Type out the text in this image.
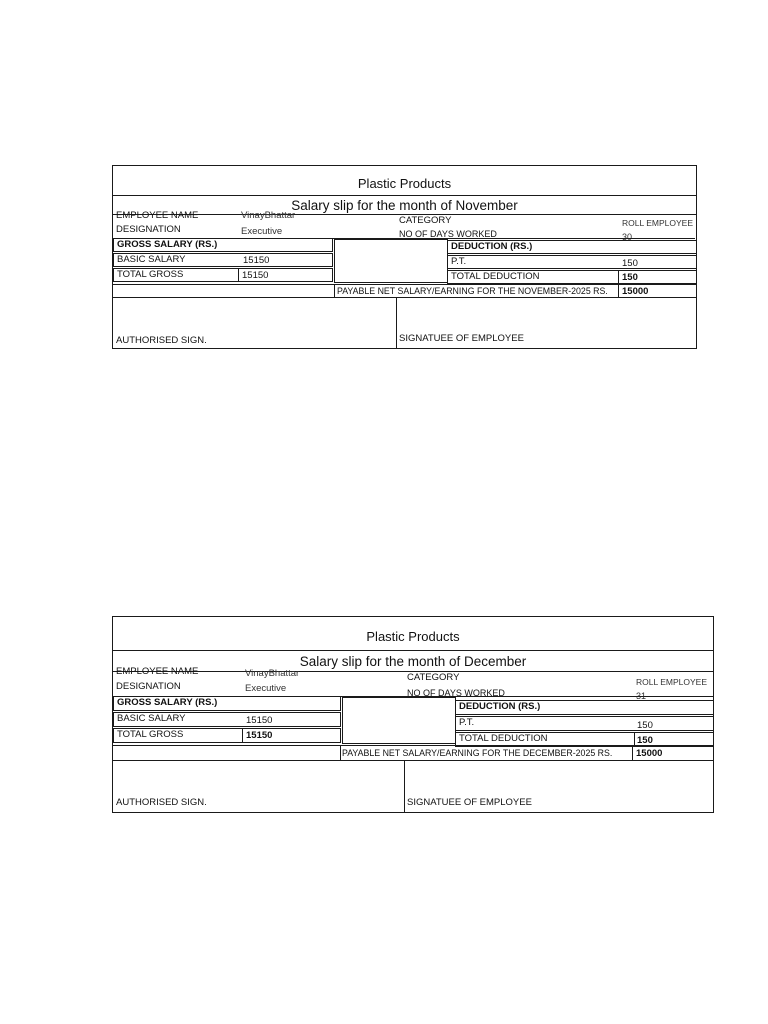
Plastic Products
Salary slip for the month of November
EMPLOYEE NAME	VinayBhattar	CATEGORY	ROLL EMPLOYEE
DESIGNATION	Executive	NO OF DAYS WORKED	30
GROSS SALARY (RS.)
BASIC SALARY	15150
TOTAL GROSS	15150
DEDUCTION (RS.)
P.T.	150
TOTAL DEDUCTION	150
PAYABLE NET SALARY/EARNING FOR THE NOVEMBER-2025 RS. 15000
AUTHORISED SIGN.	SIGNATUEE OF EMPLOYEE
Plastic Products
Salary slip for the month of December
EMPLOYEE NAME	VinayBhattar	CATEGORY	ROLL EMPLOYEE
DESIGNATION	Executive	NO OF DAYS WORKED	31
GROSS SALARY (RS.)
BASIC SALARY	15150
TOTAL GROSS	15150
DEDUCTION (RS.)
P.T.	150
TOTAL DEDUCTION	150
PAYABLE NET SALARY/EARNING FOR THE DECEMBER-2025 RS. 15000
AUTHORISED SIGN.	SIGNATUEE OF EMPLOYEE
